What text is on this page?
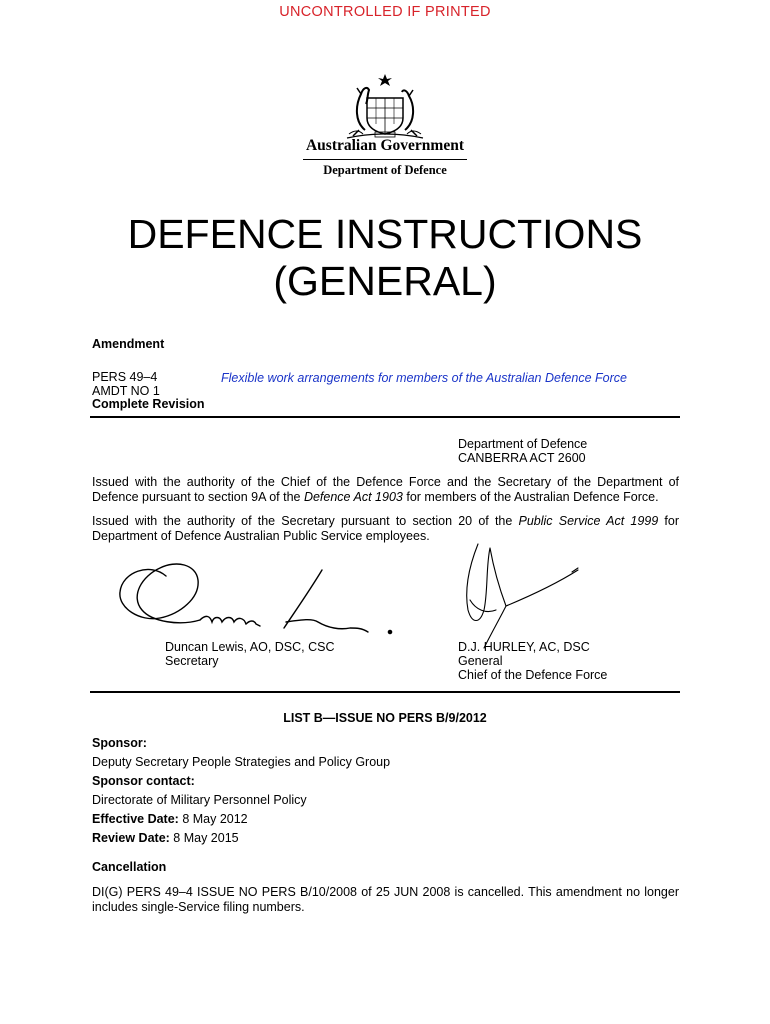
UNCONTROLLED IF PRINTED
Australian Government
Department of Defence
DEFENCE INSTRUCTIONS
(GENERAL)
Amendment
PERS 49–4
AMDT NO 1
Complete Revision
Flexible work arrangements for members of the Australian Defence Force
Department of Defence
CANBERRA ACT 2600
Issued with the authority of the Chief of the Defence Force and the Secretary of the Department of Defence pursuant to section 9A of the Defence Act 1903 for members of the Australian Defence Force.
Issued with the authority of the Secretary pursuant to section 20 of the Public Service Act 1999 for Department of Defence Australian Public Service employees.
Duncan Lewis, AO, DSC, CSC
Secretary
D.J. HURLEY, AC, DSC
General
Chief of the Defence Force
LIST B—ISSUE NO PERS B/9/2012
Sponsor:
Deputy Secretary People Strategies and Policy Group
Sponsor contact:
Directorate of Military Personnel Policy
Effective Date: 8 May 2012
Review Date: 8 May 2015
Cancellation
DI(G) PERS 49–4 ISSUE NO PERS B/10/2008 of 25 JUN 2008 is cancelled. This amendment no longer includes single-Service filing numbers.
